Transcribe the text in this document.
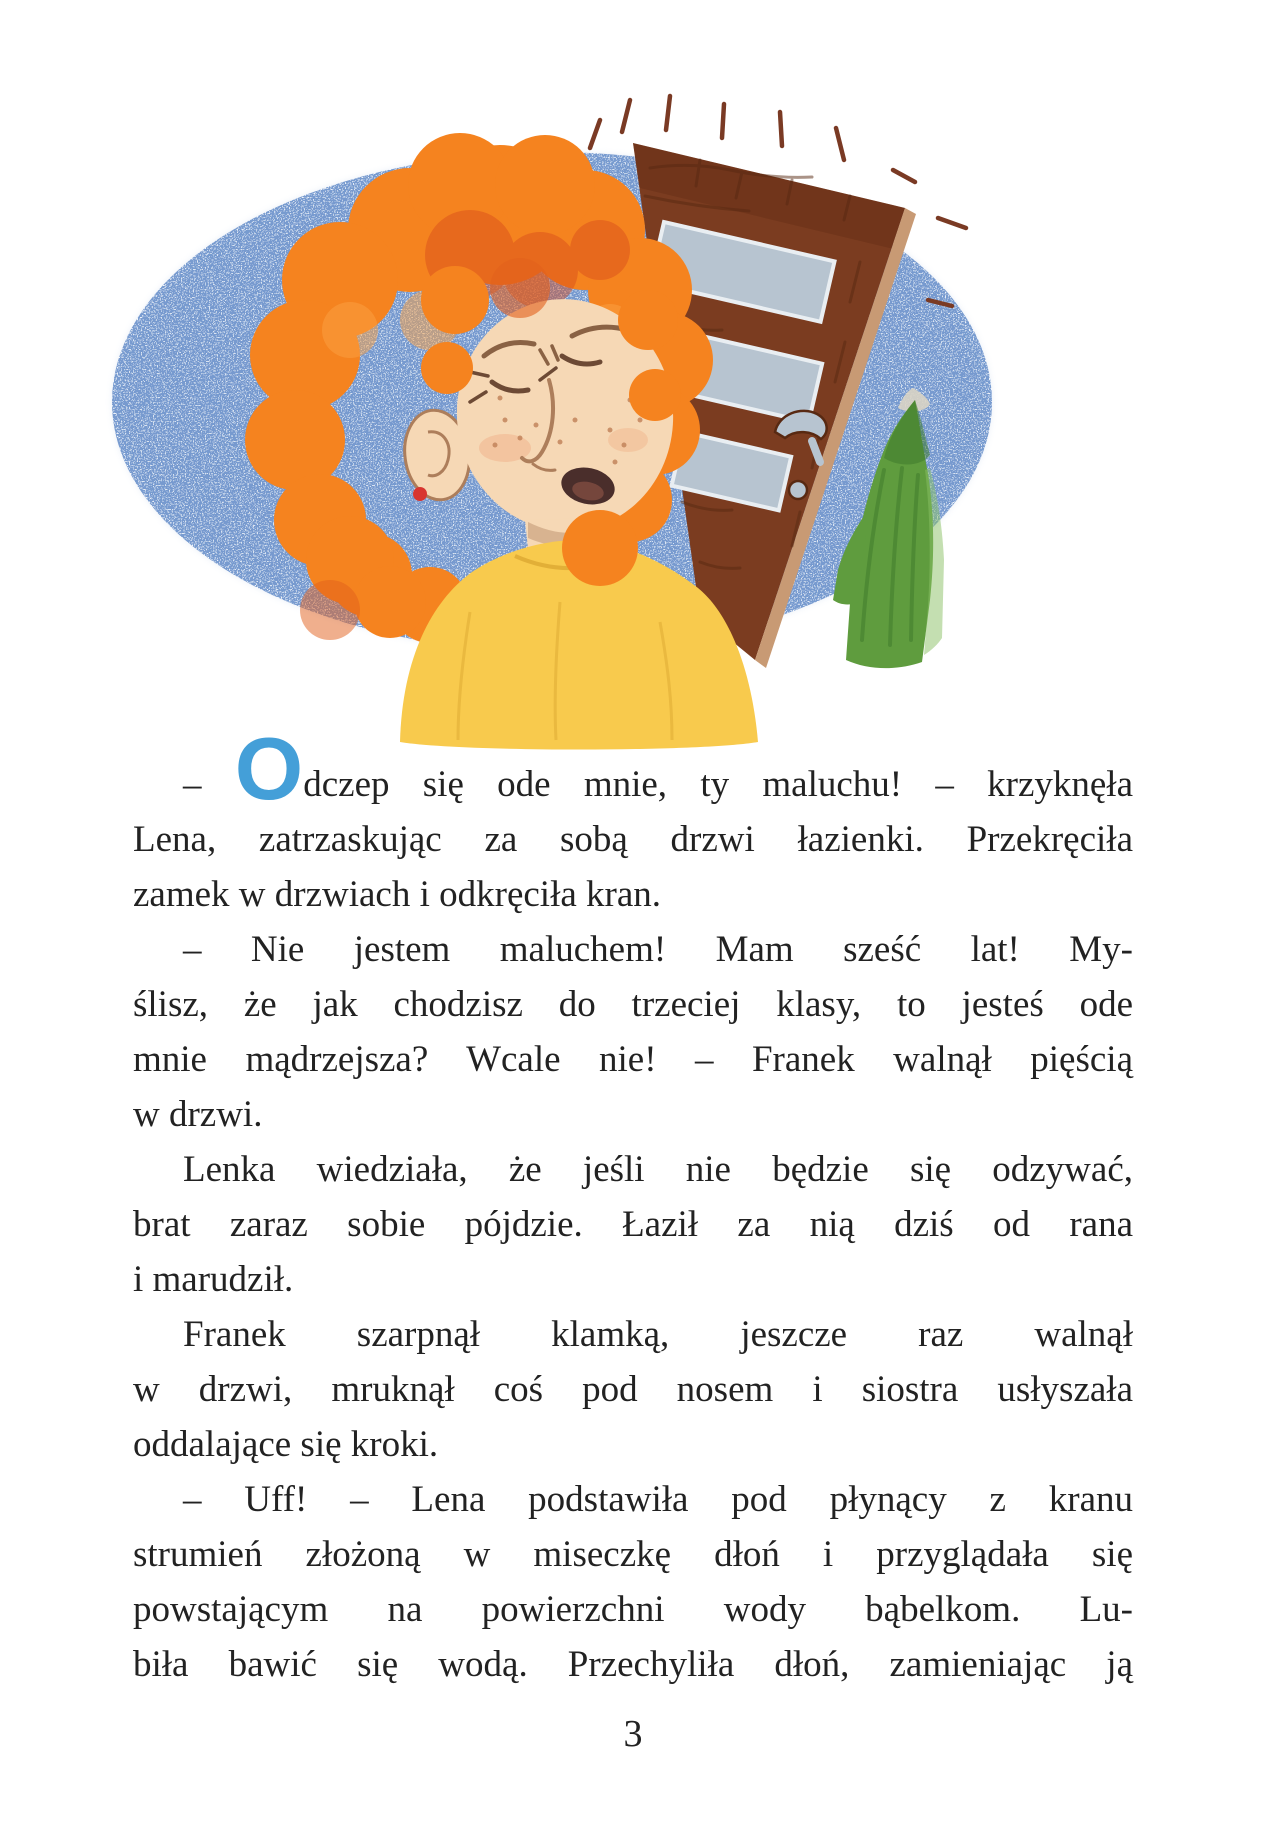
– Odczep się ode mnie, ty maluchu! – krzyknęła
Lena, zatrzaskując za sobą drzwi łazienki. Przekręciła
zamek w drzwiach i odkręciła kran.
– Nie jestem maluchem! Mam sześć lat! My-
ślisz, że jak chodzisz do trzeciej klasy, to jesteś ode
mnie mądrzejsza? Wcale nie! – Franek walnął pięścią
w drzwi.
Lenka wiedziała, że jeśli nie będzie się odzywać,
brat zaraz sobie pójdzie. Łaził za nią dziś od rana
i marudził.
Franek szarpnął klamką, jeszcze raz walnął
w drzwi, mruknął coś pod nosem i siostra usłyszała
oddalające się kroki.
– Uff! – Lena podstawiła pod płynący z kranu
strumień złożoną w miseczkę dłoń i przyglądała się
powstającym na powierzchni wody bąbelkom. Lu-
biła bawić się wodą. Przechyliła dłoń, zamieniając ją
3
